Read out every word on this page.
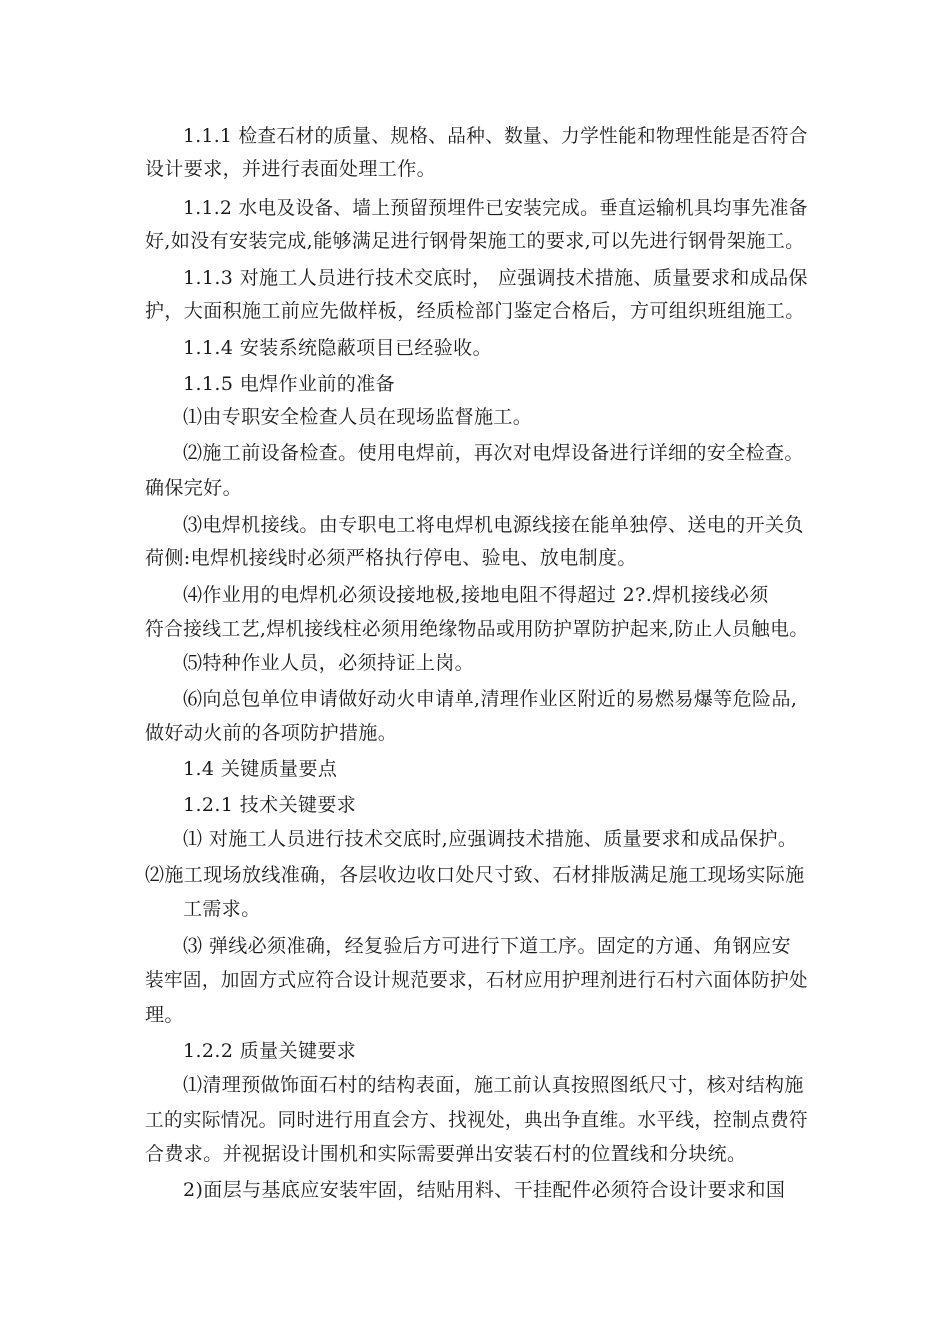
1.1.1 检查石材的质量、规格、品种、数量、力学性能和物理性能是否符合
设计要求，并进行表面处理工作。
1.1.2 水电及设备、墙上预留预埋件已安装完成。垂直运输机具均事先准备
好,如没有安装完成,能够满足进行钢骨架施工的要求,可以先进行钢骨架施工。
1.1.3 对施工人员进行技术交底时， 应强调技术措施、质量要求和成品保
护，大面积施工前应先做样板，经质检部门鉴定合格后，方可组织班组施工。
1.1.4 安装系统隐蔽项目已经验收。
1.1.5 电焊作业前的准备
⑴由专职安全检查人员在现场监督施工。
⑵施工前设备检查。使用电焊前，再次对电焊设备进行详细的安全检查。
确保完好。
⑶电焊机接线。由专职电工将电焊机电源线接在能单独停、送电的开关负
荷侧:电焊机接线时必须严格执行停电、验电、放电制度。
⑷作业用的电焊机必须设接地极,接地电阻不得超过 2?.焊机接线必须
符合接线工艺,焊机接线柱必须用绝缘物品或用防护罩防护起来,防止人员触电。
⑸特种作业人员，必须持证上岗。
⑹向总包单位申请做好动火申请单,清理作业区附近的易燃易爆等危险品,
做好动火前的各项防护措施。
1.4 关键质量要点
1.2.1 技术关键要求
⑴ 对施工人员进行技术交底时,应强调技术措施、质量要求和成品保护。
⑵施工现场放线准确，各层收边收口处尺寸致、石材排版满足施工现场实际施
工需求。
⑶ 弹线必须准确，经复验后方可进行下道工序。固定的方通、角钢应安
装牢固，加固方式应符合设计规范要求，石材应用护理剂进行石村六面体防护处
理。
1.2.2 质量关键要求
⑴清理预做饰面石村的结构表面，施工前认真按照图纸尺寸，核对结构施
工的实际情况。同时进行用直会方、找视处，典出争直维。水平线，控制点费符
合费求。并视据设计围机和实际需要弹出安装石村的位置线和分块统。
2)面层与基底应安装牢固，结贴用料、干挂配件必须符合设计要求和国
